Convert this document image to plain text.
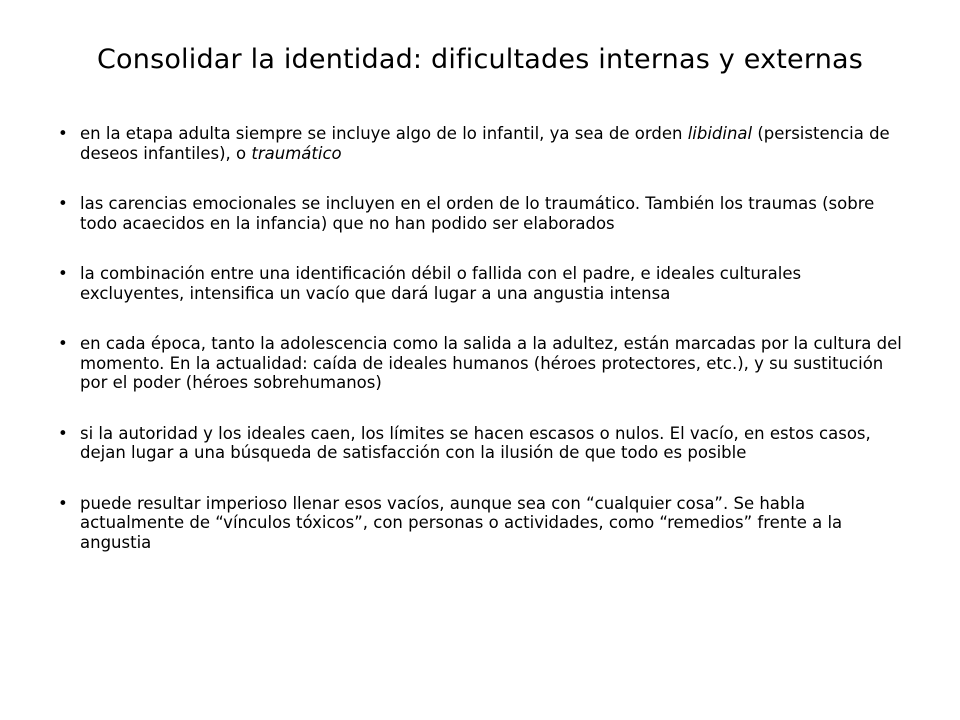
Consolidar la identidad: dificultades internas y externas
• en la etapa adulta siempre se incluye algo de lo infantil, ya sea de orden libidinal (persistencia de deseos infantiles), o traumático
• las carencias emocionales se incluyen en el orden de lo traumático. También los traumas (sobre todo acaecidos en la infancia) que no han podido ser elaborados
• la combinación entre una identificación débil o fallida con el padre, e ideales culturales excluyentes, intensifica un vacío que dará lugar a una angustia intensa
• en cada época, tanto la adolescencia como la salida a la adultez, están marcadas por la cultura del momento. En la actualidad: caída de ideales humanos (héroes protectores, etc.), y su sustitución por el poder (héroes sobrehumanos)
• si la autoridad y los ideales caen, los límites se hacen escasos o nulos. El vacío, en estos casos, dejan lugar a una búsqueda de satisfacción con la ilusión de que todo es posible
• puede resultar imperioso llenar esos vacíos, aunque sea con “cualquier cosa”. Se habla actualmente de “vínculos tóxicos”, con personas o actividades, como “remedios” frente a la angustia
